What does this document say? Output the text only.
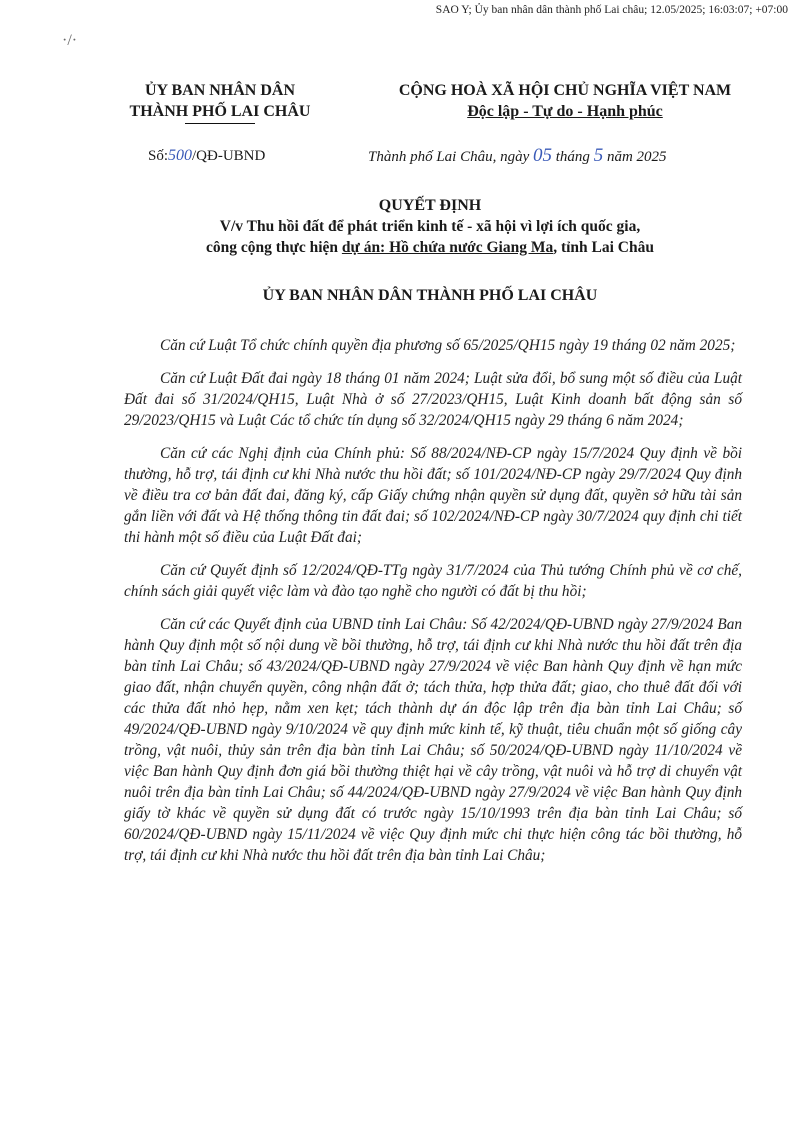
SAO Y; Ủy ban nhân dân thành phố Lai châu; 12.05/2025; 16:03:07; +07:00
·/·
ỦY BAN NHÂN DÂN
THÀNH PHỐ LAI CHÂU
CỘNG HOÀ XÃ HỘI CHỦ NGHĨA VIỆT NAM
Độc lập - Tự do - Hạnh phúc
Số:500/QĐ-UBND	Thành phố Lai Châu, ngày 05 tháng 5 năm 2025
QUYẾT ĐỊNH
V/v Thu hồi đất để phát triển kinh tế - xã hội vì lợi ích quốc gia,
công cộng thực hiện dự án: Hồ chứa nước Giang Ma, tỉnh Lai Châu
ỦY BAN NHÂN DÂN THÀNH PHỐ LAI CHÂU

Căn cứ Luật Tổ chức chính quyền địa phương số 65/2025/QH15 ngày 19 tháng 02 năm 2025;

Căn cứ Luật Đất đai ngày 18 tháng 01 năm 2024; Luật sửa đổi, bổ sung một số điều của Luật Đất đai số 31/2024/QH15, Luật Nhà ở số 27/2023/QH15, Luật Kinh doanh bất động sản số 29/2023/QH15 và Luật Các tổ chức tín dụng số 32/2024/QH15 ngày 29 tháng 6 năm 2024;

Căn cứ các Nghị định của Chính phủ: Số 88/2024/NĐ-CP ngày 15/7/2024 Quy định về bồi thường, hỗ trợ, tái định cư khi Nhà nước thu hồi đất; số 101/2024/NĐ-CP ngày 29/7/2024 Quy định về điều tra cơ bản đất đai, đăng ký, cấp Giấy chứng nhận quyền sử dụng đất, quyền sở hữu tài sản gắn liền với đất và Hệ thống thông tin đất đai; số 102/2024/NĐ-CP ngày 30/7/2024 quy định chi tiết thi hành một số điều của Luật Đất đai;

Căn cứ Quyết định số 12/2024/QĐ-TTg ngày 31/7/2024 của Thủ tướng Chính phủ về cơ chế, chính sách giải quyết việc làm và đào tạo nghề cho người có đất bị thu hồi;

Căn cứ các Quyết định của UBND tỉnh Lai Châu: Số 42/2024/QĐ-UBND ngày 27/9/2024 Ban hành Quy định một số nội dung về bồi thường, hỗ trợ, tái định cư khi Nhà nước thu hồi đất trên địa bàn tỉnh Lai Châu; số 43/2024/QĐ-UBND ngày 27/9/2024 về việc Ban hành Quy định về hạn mức giao đất, nhận chuyển quyền, công nhận đất ở; tách thửa, hợp thửa đất; giao, cho thuê đất đối với các thửa đất nhỏ hẹp, nằm xen kẹt; tách thành dự án độc lập trên địa bàn tỉnh Lai Châu; số 49/2024/QĐ-UBND ngày 9/10/2024 về quy định mức kinh tế, kỹ thuật, tiêu chuẩn một số giống cây trồng, vật nuôi, thủy sản trên địa bàn tỉnh Lai Châu; số 50/2024/QĐ-UBND ngày 11/10/2024 về việc Ban hành Quy định đơn giá bồi thường thiệt hại về cây trồng, vật nuôi và hỗ trợ di chuyển vật nuôi trên địa bàn tỉnh Lai Châu; số 44/2024/QĐ-UBND ngày 27/9/2024 về việc Ban hành Quy định giấy tờ khác về quyền sử dụng đất có trước ngày 15/10/1993 trên địa bàn tỉnh Lai Châu; số 60/2024/QĐ-UBND ngày 15/11/2024 về việc Quy định mức chi thực hiện công tác bồi thường, hỗ trợ, tái định cư khi Nhà nước thu hồi đất trên địa bàn tỉnh Lai Châu;
